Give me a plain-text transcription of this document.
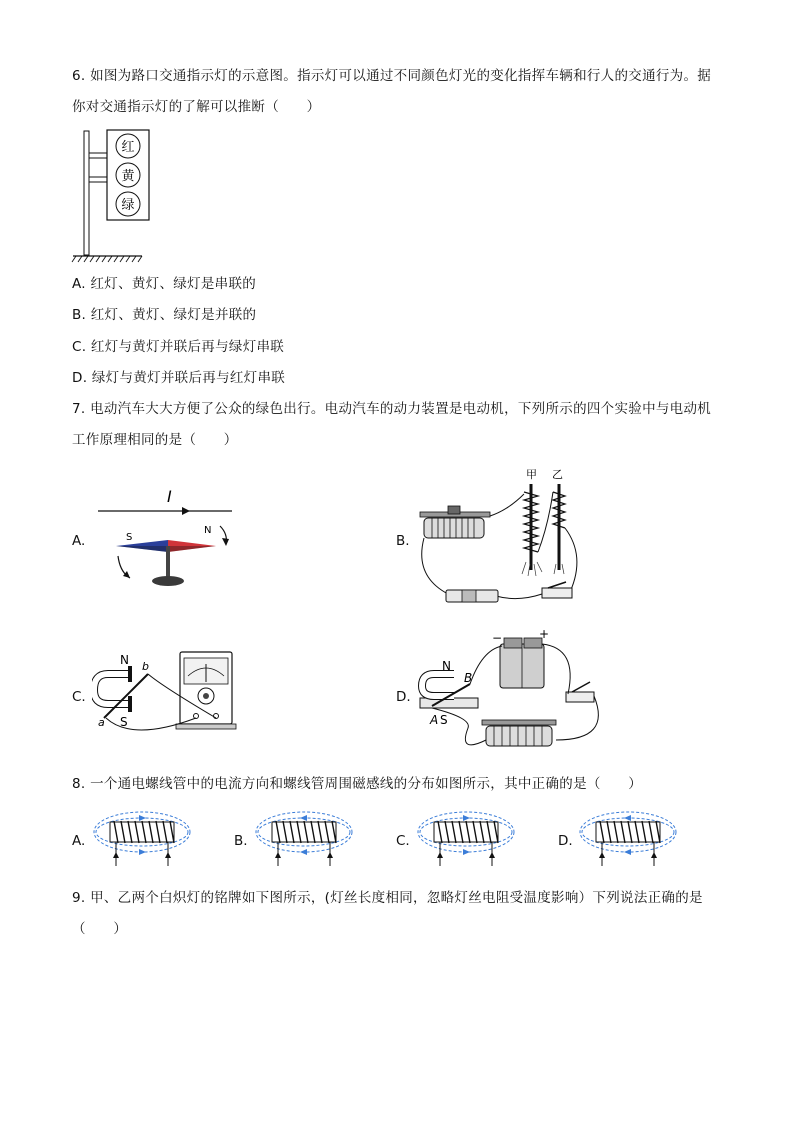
6. 如图为路口交通指示灯的示意图。指示灯可以通过不同颜色灯光的变化指挥车辆和行人的交通行为。据
你对交通指示灯的了解可以推断（　　）
红
黄
绿
A. 红灯、黄灯、绿灯是串联的
B. 红灯、黄灯、绿灯是并联的
C. 红灯与黄灯并联后再与绿灯串联
D. 绿灯与黄灯并联后再与红灯串联
7. 电动汽车大大方便了公众的绿色出行。电动汽车的动力装置是电动机，下列所示的四个实验中与电动机
工作原理相同的是（　　）
A.
I
S
N
B.
甲 乙
C.
N
S
a
b
D.
N
S
A
B
−	+
8. 一个通电螺线管中的电流方向和螺线管周围磁感线的分布如图所示，其中正确的是（　　）
A.	B.	C.	D.
9. 甲、乙两个白炽灯的铭牌如下图所示，(灯丝长度相同，忽略灯丝电阻受温度影响）下列说法正确的是
（　　）
